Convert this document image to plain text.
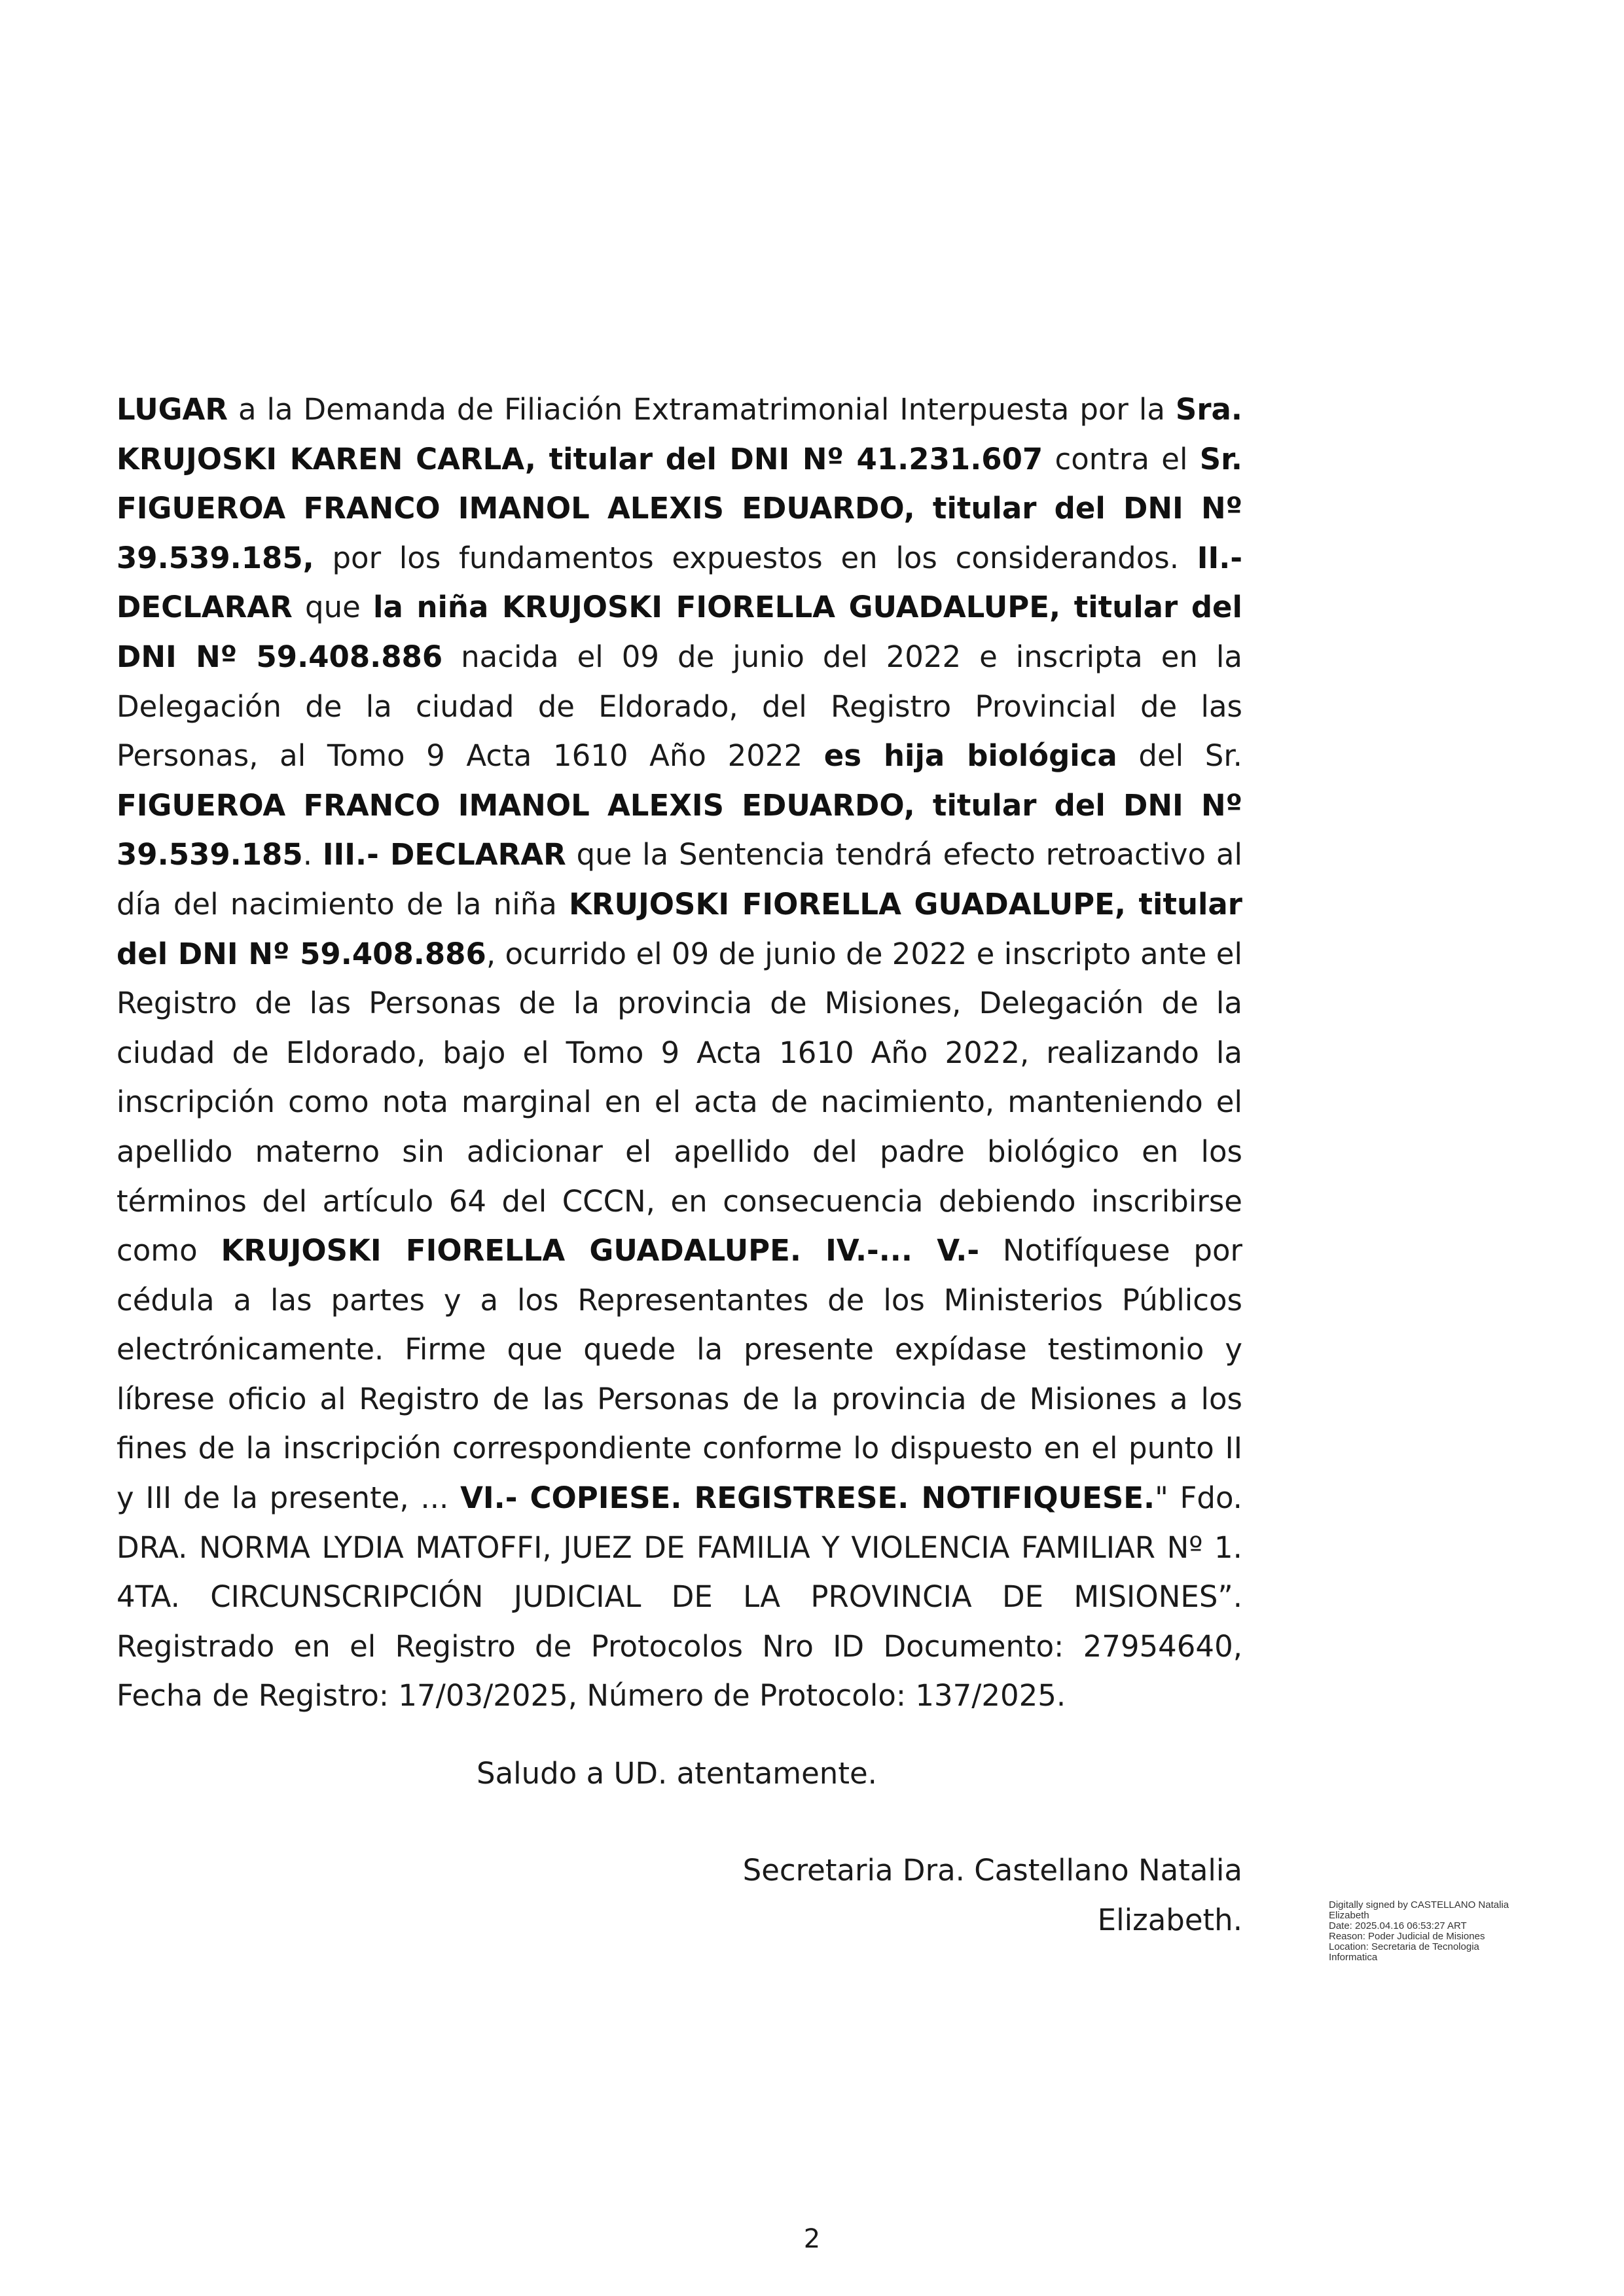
LUGAR a la Demanda de Filiación Extramatrimonial Interpuesta por la Sra. KRUJOSKI KAREN CARLA, titular del DNI Nº 41.231.607 contra el Sr. FIGUEROA FRANCO IMANOL ALEXIS EDUARDO, titular del DNI Nº 39.539.185, por los fundamentos expuestos en los considerandos. II.- DECLARAR que la niña KRUJOSKI FIORELLA GUADALUPE, titular del DNI Nº 59.408.886 nacida el 09 de junio del 2022 e inscripta en la Delegación de la ciudad de Eldorado, del Registro Provincial de las Personas, al Tomo 9 Acta 1610 Año 2022 es hija biológica del Sr. FIGUEROA FRANCO IMANOL ALEXIS EDUARDO, titular del DNI Nº 39.539.185. III.- DECLARAR que la Sentencia tendrá efecto retroactivo al día del nacimiento de la niña KRUJOSKI FIORELLA GUADALUPE, titular del DNI Nº 59.408.886, ocurrido el 09 de junio de 2022 e inscripto ante el Registro de las Personas de la provincia de Misiones, Delegación de la ciudad de Eldorado, bajo el Tomo 9 Acta 1610 Año 2022, realizando la inscripción como nota marginal en el acta de nacimiento, manteniendo el apellido materno sin adicionar el apellido del padre biológico en los términos del artículo 64 del CCCN, en consecuencia debiendo inscribirse como KRUJOSKI FIORELLA GUADALUPE. IV.-... V.- Notifíquese por cédula a las partes y a los Representantes de los Ministerios Públicos electrónicamente. Firme que quede la presente expídase testimonio y líbrese oficio al Registro de las Personas de la provincia de Misiones a los fines de la inscripción correspondiente conforme lo dispuesto en el punto II y III de la presente, ... VI.- COPIESE. REGISTRESE. NOTIFIQUESE." Fdo. DRA. NORMA LYDIA MATOFFI, JUEZ DE FAMILIA Y VIOLENCIA FAMILIAR Nº 1. 4TA. CIRCUNSCRIPCIÓN JUDICIAL DE LA PROVINCIA DE MISIONES”. Registrado en el Registro de Protocolos Nro ID Documento: 27954640, Fecha de Registro: 17/03/2025, Número de Protocolo: 137/2025.

Saludo a UD. atentamente.

Secretaria Dra. Castellano Natalia
Elizabeth.	Digitally signed by CASTELLANO Natalia
Elizabeth
Date: 2025.04.16 06:53:27 ART
Reason: Poder Judicial de Misiones
Location: Secretaria de Tecnologia
Informatica

2
